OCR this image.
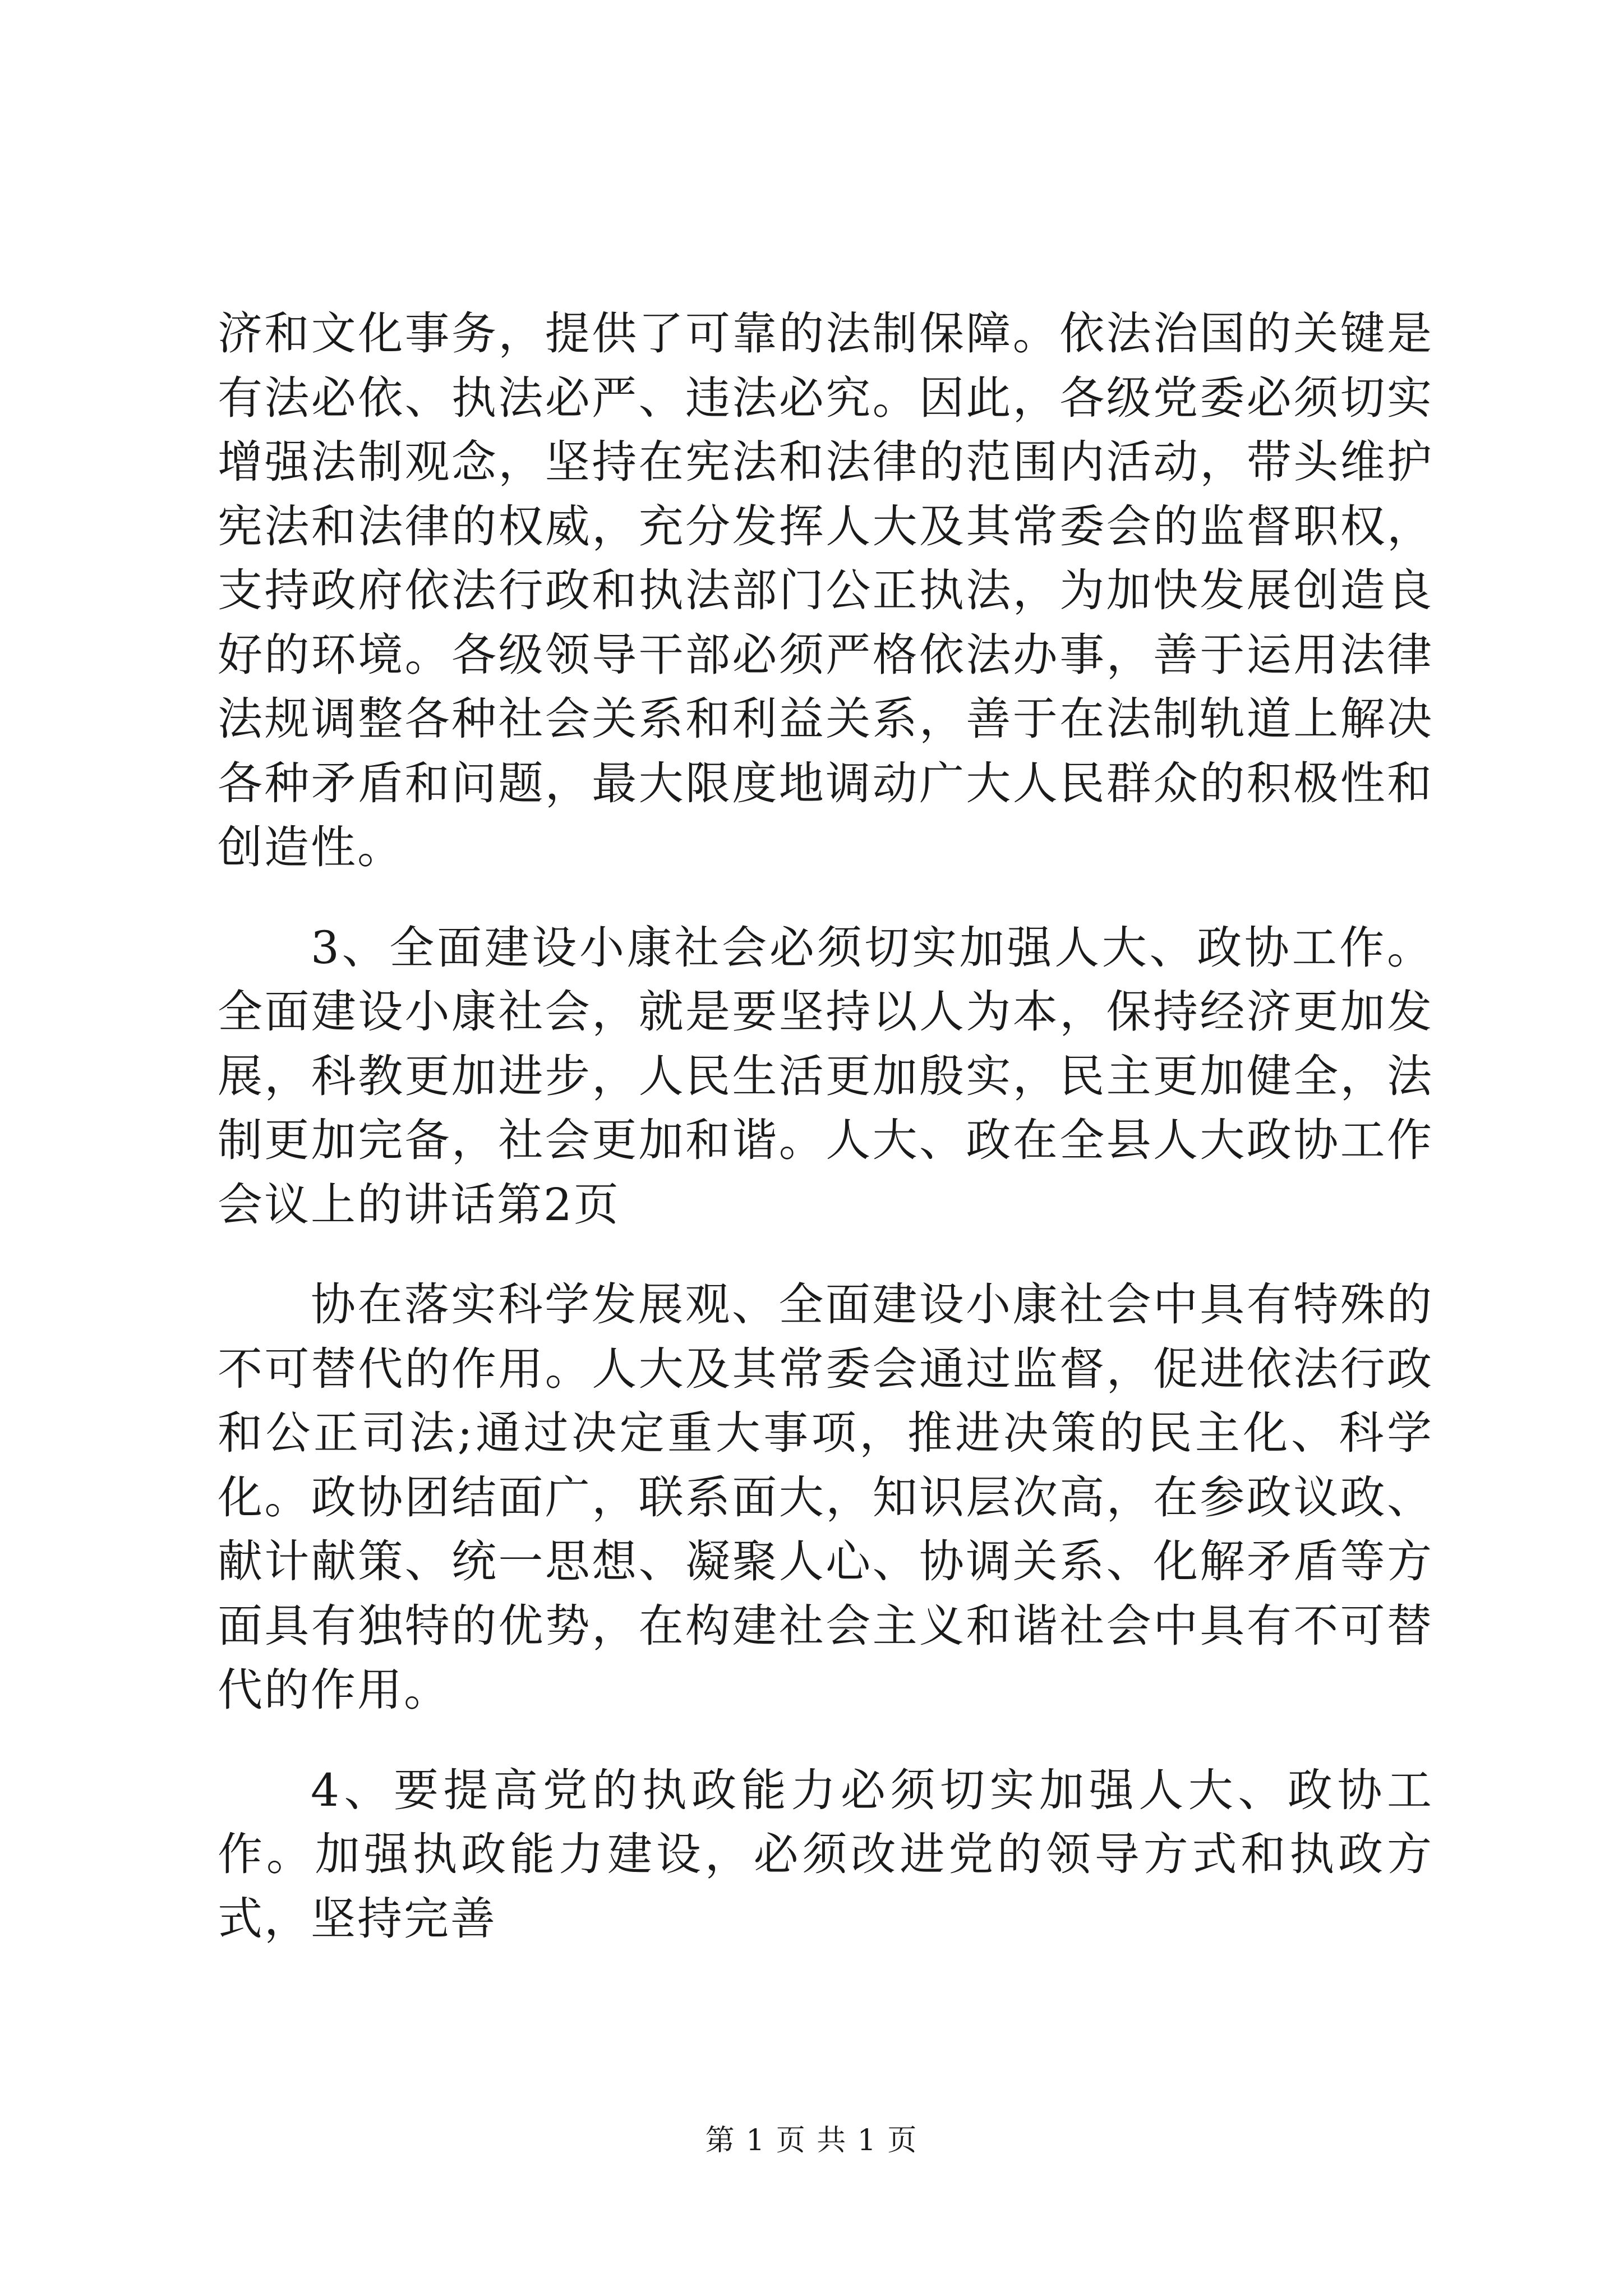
济和文化事务，提供了可靠的法制保障。依法治国的关键是有法必依、执法必严、违法必究。因此，各级党委必须切实增强法制观念，坚持在宪法和法律的范围内活动，带头维护宪法和法律的权威，充分发挥人大及其常委会的监督职权，支持政府依法行政和执法部门公正执法，为加快发展创造良好的环境。各级领导干部必须严格依法办事，善于运用法律法规调整各种社会关系和利益关系，善于在法制轨道上解决各种矛盾和问题，最大限度地调动广大人民群众的积极性和创造性。

3、全面建设小康社会必须切实加强人大、政协工作。全面建设小康社会，就是要坚持以人为本，保持经济更加发展，科教更加进步，人民生活更加殷实，民主更加健全，法制更加完备，社会更加和谐。人大、政在全县人大政协工作会议上的讲话第2页

协在落实科学发展观、全面建设小康社会中具有特殊的不可替代的作用。人大及其常委会通过监督，促进依法行政和公正司法;通过决定重大事项，推进决策的民主化、科学化。政协团结面广，联系面大，知识层次高，在参政议政、献计献策、统一思想、凝聚人心、协调关系、化解矛盾等方面具有独特的优势，在构建社会主义和谐社会中具有不可替代的作用。

4、要提高党的执政能力必须切实加强人大、政协工作。加强执政能力建设，必须改进党的领导方式和执政方式，坚持完善

第 1 页 共 1 页
